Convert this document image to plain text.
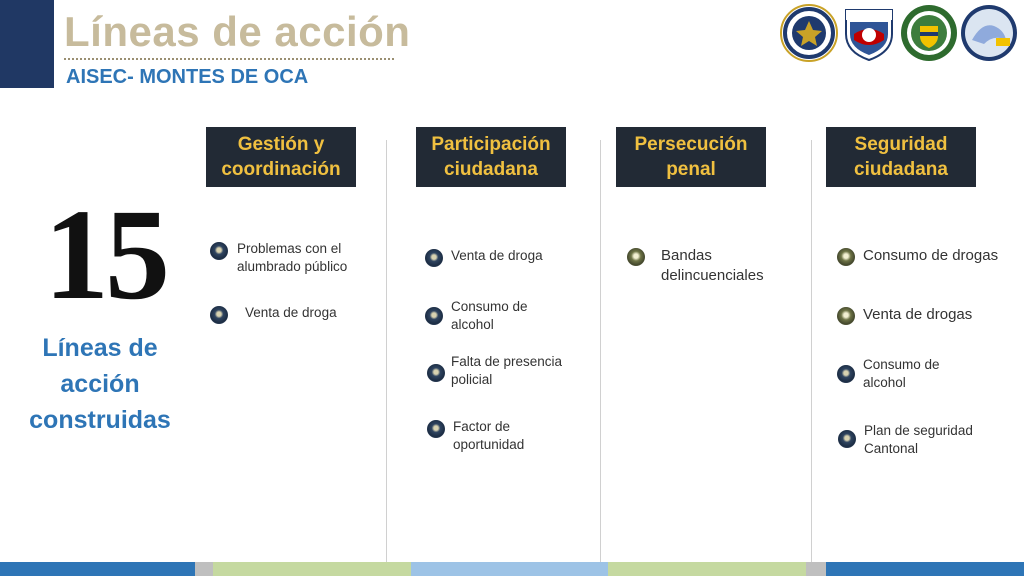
Líneas de acción
AISEC- MONTES DE OCA
15
Líneas de acción construidas
Gestión y
coordinación
Participación
ciudadana
Persecución
penal
Seguridad
ciudadana
Problemas con el
alumbrado público
Venta de droga
Venta de droga
Consumo de
alcohol
Falta de presencia
policial
Factor de
oportunidad
Bandas
delincuenciales
Consumo de drogas
Venta de drogas
Consumo de
alcohol
Plan de seguridad
Cantonal
